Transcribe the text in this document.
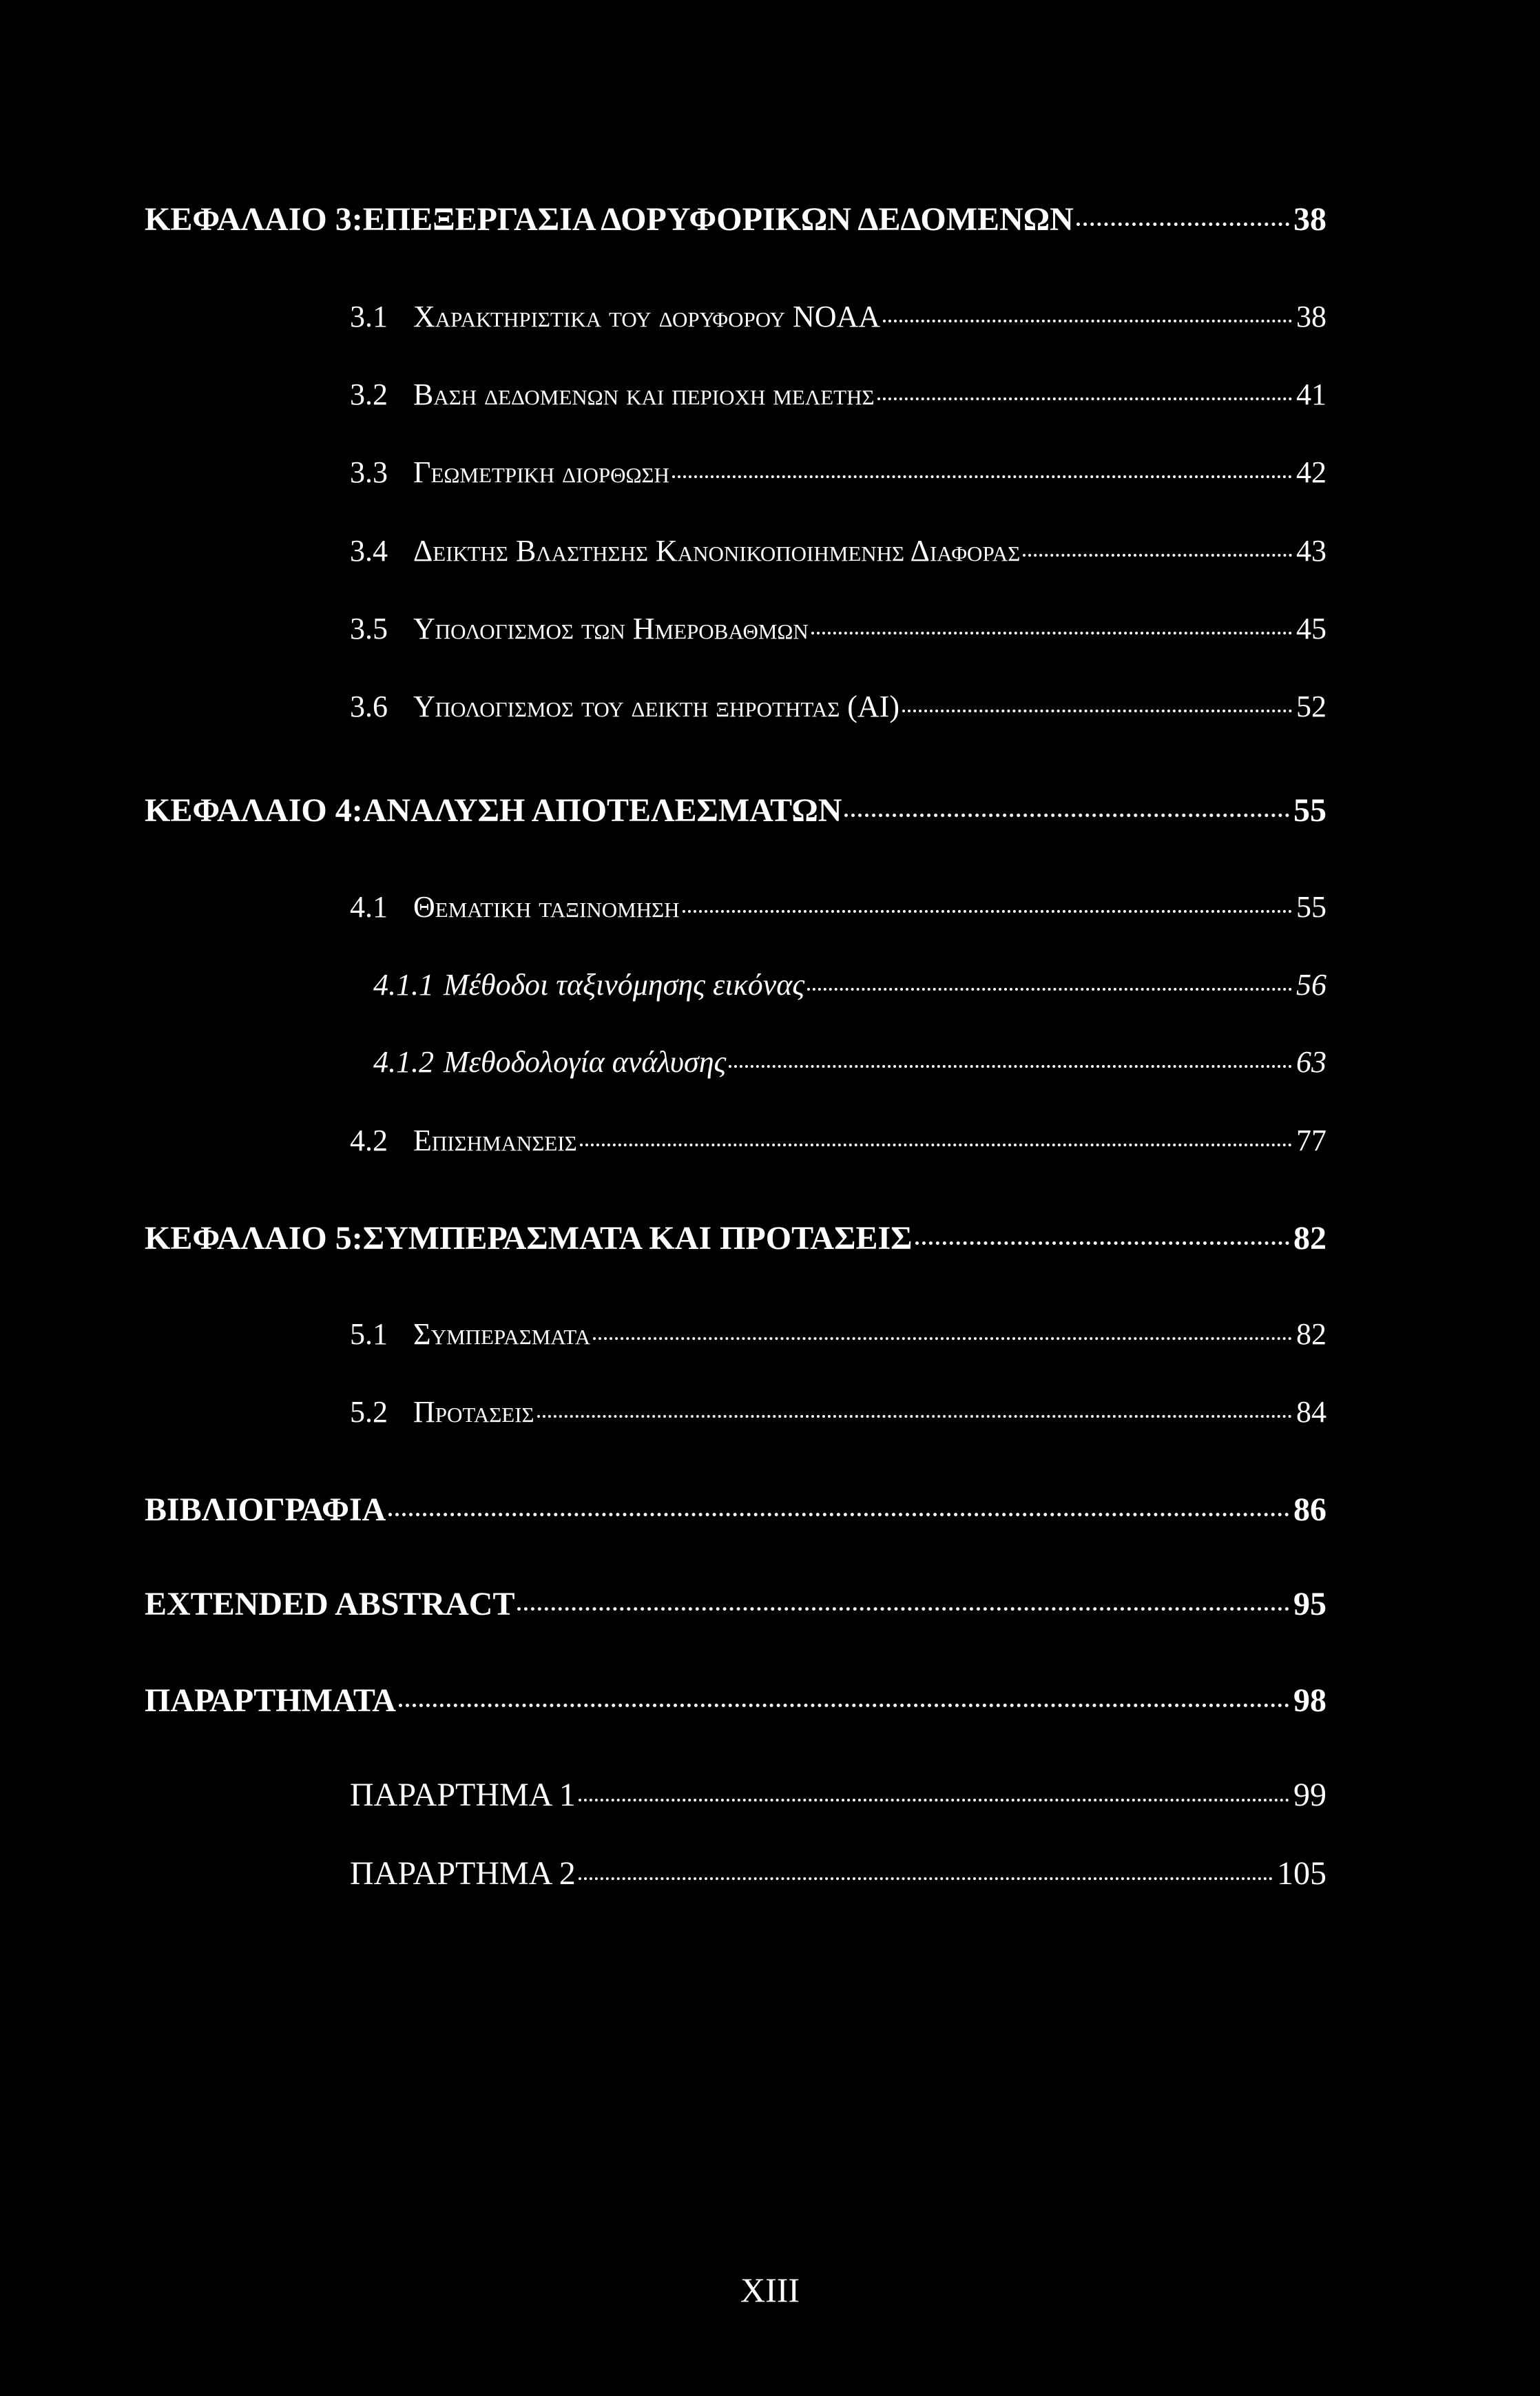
ΚΕΦΑΛΑΙΟ 3:ΕΠΕΞΕΡΓΑΣΙΑ ΔΟΡΥΦΟΡΙΚΩΝ ΔΕΔΟΜΕΝΩΝ	38
3.1 Χαρακτηριστικα του δορυφορου NOAA	38
3.2 Βαση δεδομενων και περιοχη μελετης	41
3.3 Γεωμετρικη διορθωση	42
3.4 Δεικτης Βλαστησης Κανονικοποιημενης Διαφορας	43
3.5 Υπολογισμος των Ημεροβαθμων	45
3.6 Υπολογισμος του δεικτη ξηροτητας (AI)	52
ΚΕΦΑΛΑΙΟ 4:ΑΝΑΛΥΣΗ ΑΠΟΤΕΛΕΣΜΑΤΩΝ	55
4.1 Θεματικη ταξινομηση	55
4.1.1 Μέθοδοι ταξινόμησης εικόνας	56
4.1.2 Μεθοδολογία ανάλυσης	63
4.2 Επισημανσεις	77
ΚΕΦΑΛΑΙΟ 5:ΣΥΜΠΕΡΑΣΜΑΤΑ ΚΑΙ ΠΡΟΤΑΣΕΙΣ	82
5.1 Συμπερασματα	82
5.2 Προτασεις	84
ΒΙΒΛΙΟΓΡΑΦΙΑ	86
EXTENDED ABSTRACT	95
ΠΑΡΑΡΤΗΜΑΤΑ	98
ΠΑΡΑΡΤΗΜΑ 1	99
ΠΑΡΑΡΤΗΜΑ 2	105
XIII
